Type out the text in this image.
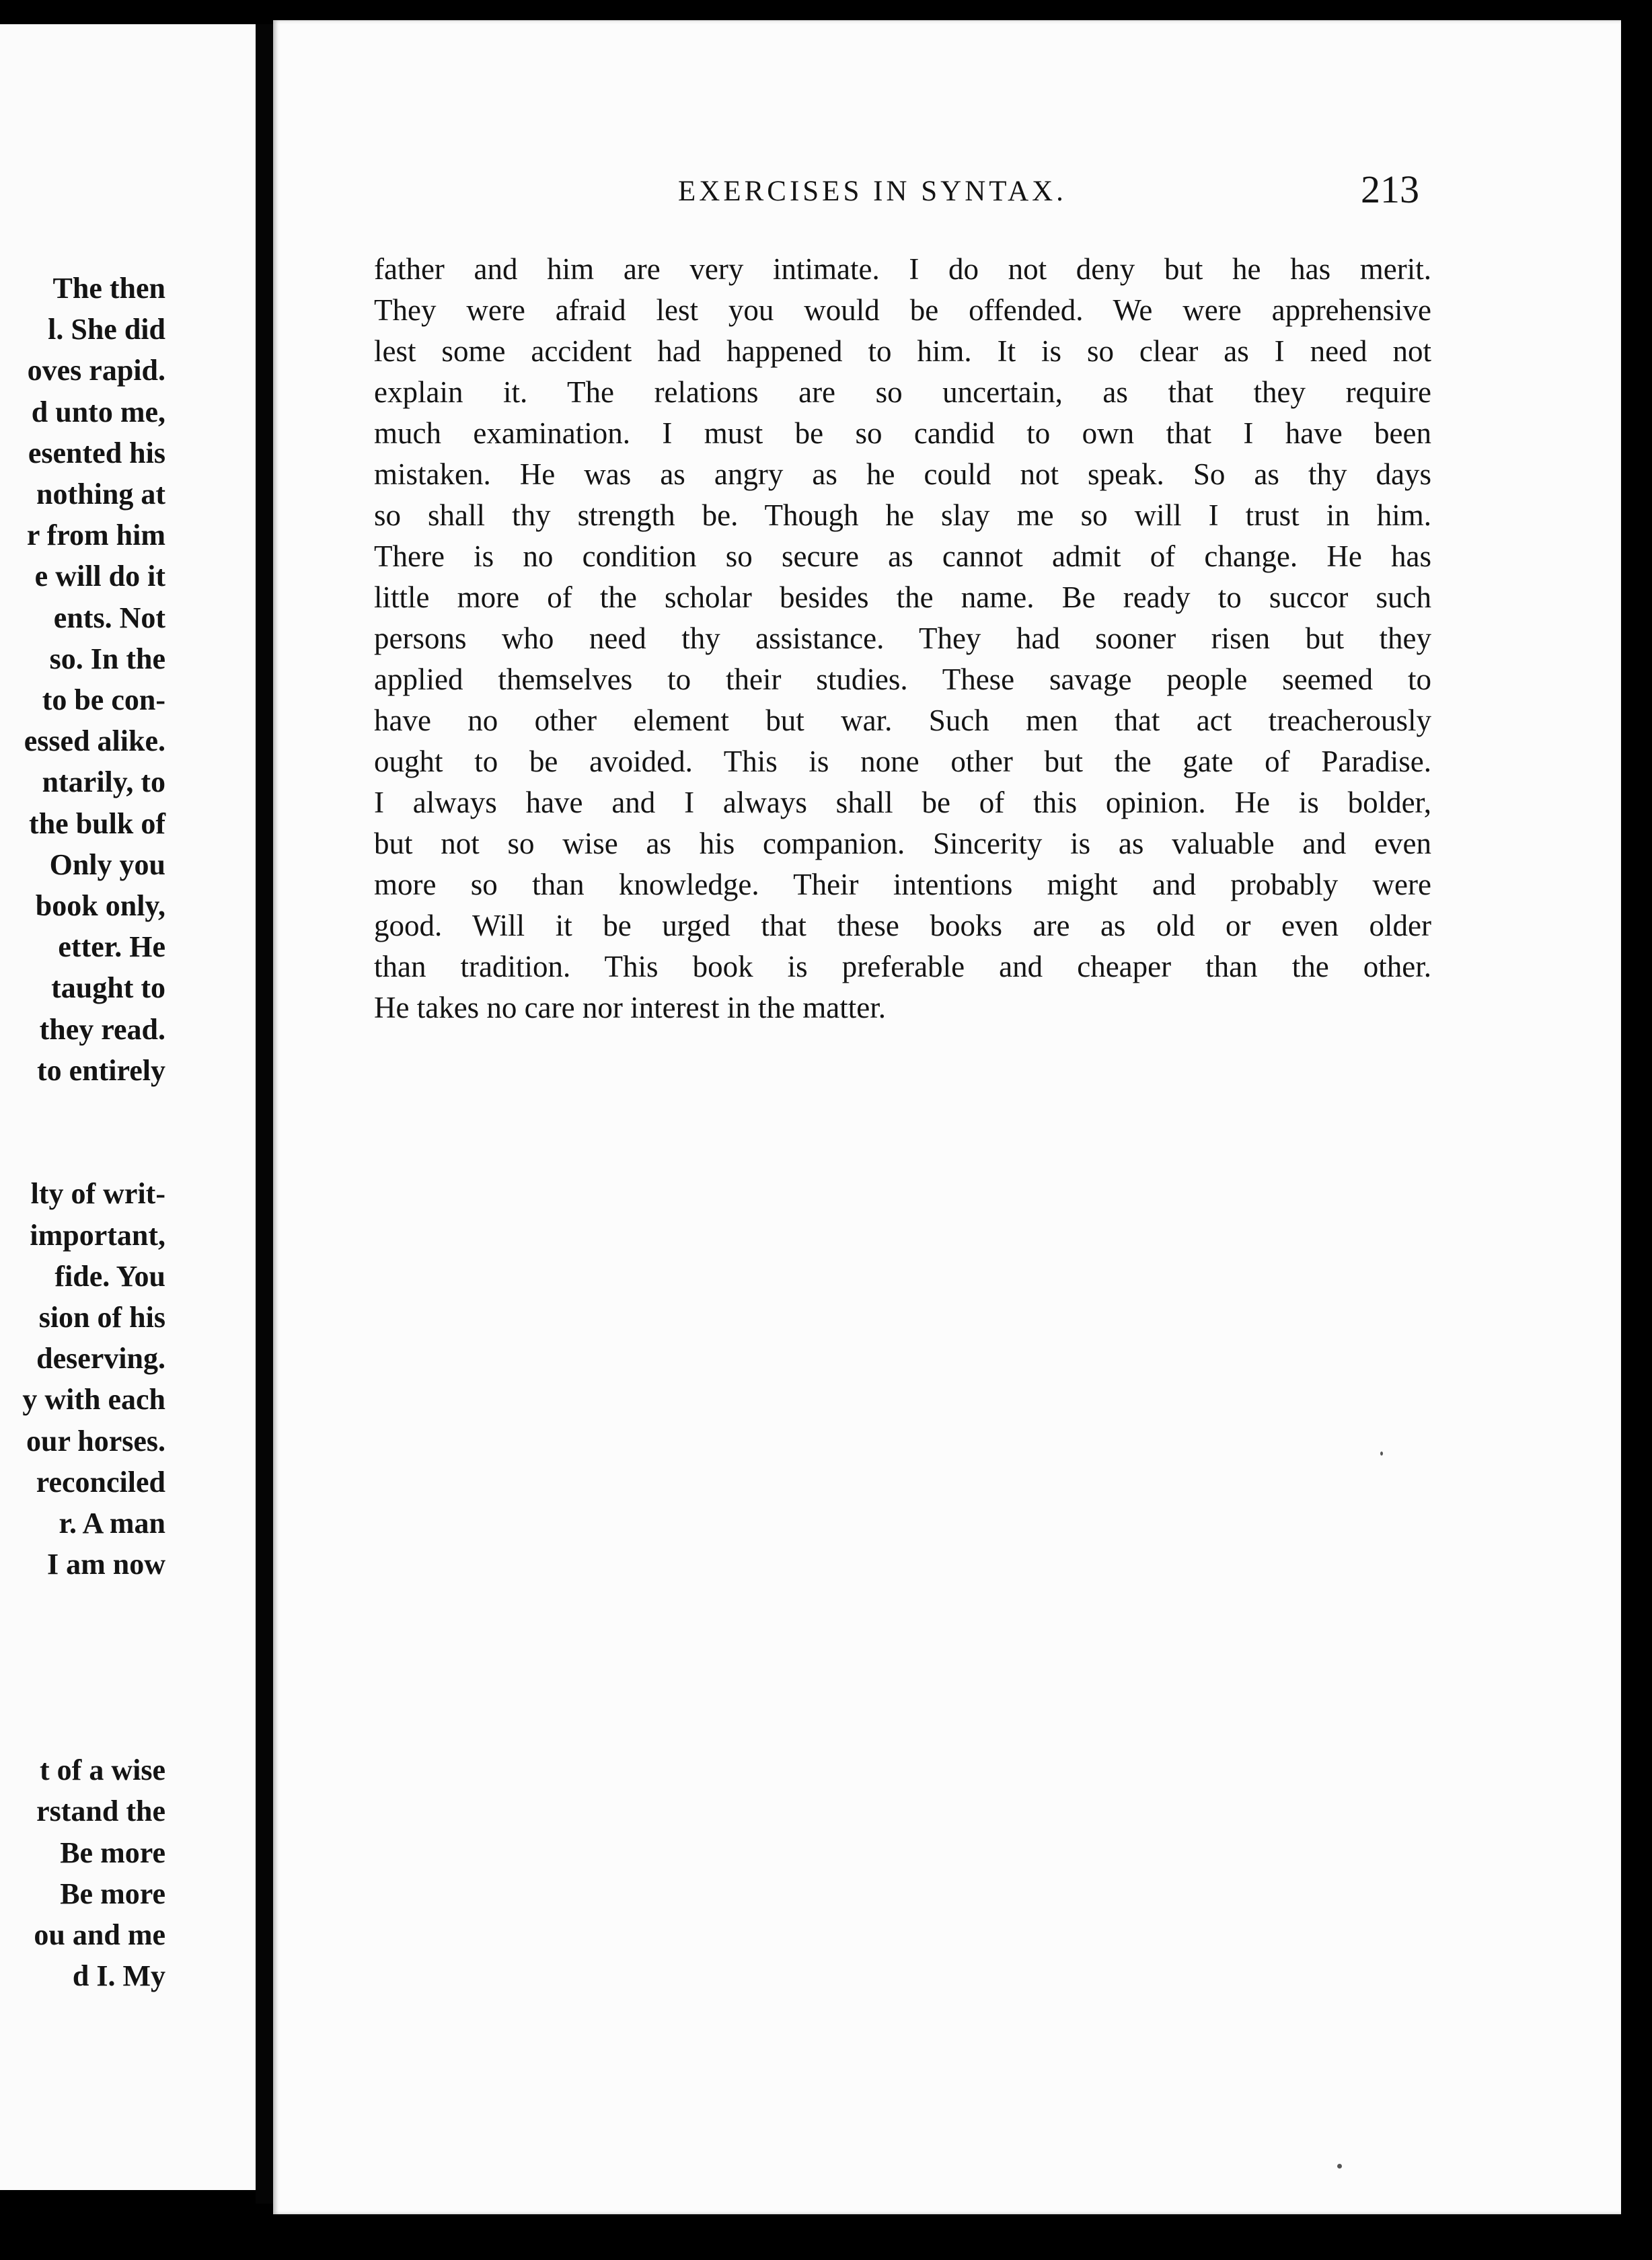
The then
l. She did
oves rapid.
d unto me,
esented his
nothing at
r from him
e will do it
ents. Not
so. In the
to be con-
essed alike.
ntarily, to
the bulk of
Only you
book only,
etter. He
taught to
they read.
to entirely
lty of writ-
important,
fide. You
sion of his
deserving.
y with each
our horses.
reconciled
r. A man
I am now
t of a wise
rstand the
Be more
Be more
ou and me
d I. My
EXERCISES IN SYNTAX.	213
father and him are very intimate. I do not deny but he has merit.
They were afraid lest you would be offended. We were apprehensive
lest some accident had happened to him. It is so clear as I need not
explain it. The relations are so uncertain, as that they require
much examination. I must be so candid to own that I have been
mistaken. He was as angry as he could not speak. So as thy days
so shall thy strength be. Though he slay me so will I trust in him.
There is no condition so secure as cannot admit of change. He has
little more of the scholar besides the name. Be ready to succor such
persons who need thy assistance. They had sooner risen but they
applied themselves to their studies. These savage people seemed to
have no other element but war. Such men that act treacherously
ought to be avoided. This is none other but the gate of Paradise.
I always have and I always shall be of this opinion. He is bolder,
but not so wise as his companion. Sincerity is as valuable and even
more so than knowledge. Their intentions might and probably were
good. Will it be urged that these books are as old or even older
than tradition. This book is preferable and cheaper than the other.
He takes no care nor interest in the matter.
